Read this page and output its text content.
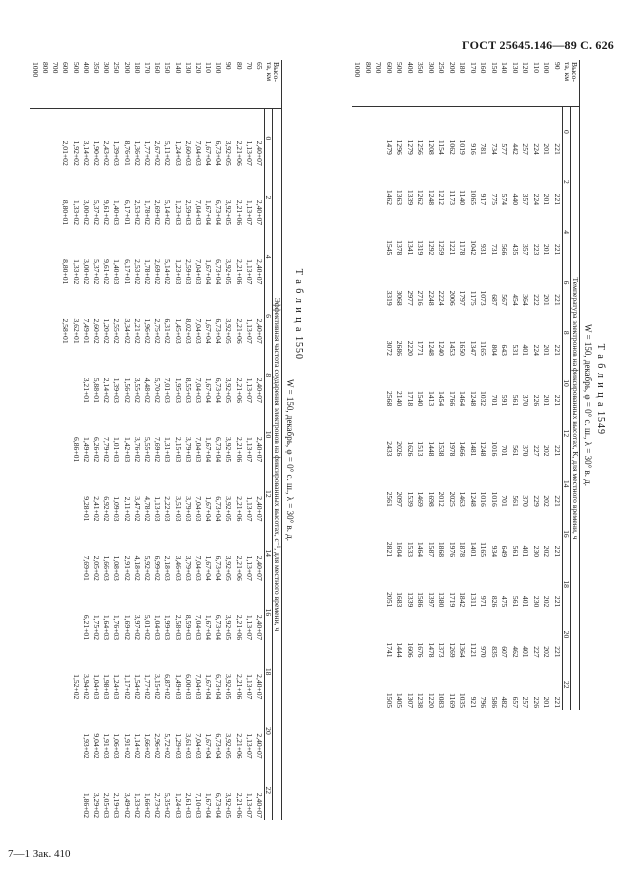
ГОСТ 25645.146—89 С. 626
Т а б л и ц а 1549
W = 150, декабрь, φ = 0° с. ш., λ = 30° в. д.
Высо-
та, км	Температура электронов на фиксированных высотах, К, для местного времени, ч											
	0	2	4	6	8	10	12	14	16	18	20	22
90	221	221	221	221	221	221	221	221	221	221	221	221
100	201	201	201	201	201	201	202	202	202	202	202	201
110	224	224	223	222	224	226	227	229	230	230	227	226
120	257	357	357	364	401	370	370	370	401	401	401	257
130	442	440	435	454	531	561	561	561	561	561	462	657
140	577	574	566	567	643	591	701	701	649	475	607	482
150	734	775	731	687	804	701	1016	1016	934	826	835	586
160	781	917	931	1073	1165	1032	1248	1016	1165	971	970	796
170	916	1065	1042	1175	1347	1248	1481	1248	1401	1311	1121	921
180	1019	1140	1178	1797	1650	1464	1466	1463	1878	1842	1364	1035
200	1062	1173	1221	2006	1453	1766	1978	2025	1976	1719	1269	1169
250	1154	1212	1259	2224	1240	1454	1538	2012	1868	1380	1373	1083
300	1208	1248	1292	2248	1248	1413	1448	1698	1587	1397	1478	1220
350	1256	1262	1319	2716	1771	1540	1513	1469	1464	1586	1676	1238
400	1279	1339	1341	2977	2220	1718	1626	1539	1533	1339	1606	1307
500	1296	1363	1378	3068	2686	2140	2026	2097	1604	1683	1444	1405
600	1479	1462	1545	3319	3072	2568	2433	2561	2821	2051	1741	1505
700												
800												
1000												
Т а б л и ц а 1550
W = 150, декабрь, φ = 0° с. ш., λ = 30° в. д.
Высо-
та, км	Эффективная частота соударения электронов на фиксированных высотах, с⁻¹, для местного времени, ч											
	0	2	4	6	8	10	12	14	16	18	20	22
65	2,40+07	2,40+07	2,40+07	2,40+07	2,40+07	2,40+07	2,40+07	2,40+07	2,40+07	2,40+07	2,40+07	2,40+07
70	1,13+07	1,13+07	1,13+07	1,13+07	1,13+07	1,13+07	1,13+07	1,13+07	1,13+07	1,13+07	1,13+07	1,13+07
80	2,21+06	2,21+06	2,21+06	2,21+06	2,21+06	2,21+06	2,21+06	2,21+06	2,21+06	2,21+06	2,21+06	2,21+06
90	3,92+05	3,92+05	3,92+05	3,92+05	3,92+05	3,92+05	3,92+05	3,92+05	3,92+05	3,92+05	3,92+05	3,92+05
100	6,73+04	6,73+04	6,73+04	6,73+04	6,73+04	6,73+04	6,73+04	6,73+04	6,73+04	6,73+04	6,73+04	6,73+04
110	1,67+04	1,67+04	1,67+04	1,67+04	1,67+04	1,67+04	1,67+04	1,67+04	1,67+04	1,67+04	1,67+04	1,67+04
120	7,04+03	7,04+03	7,04+03	7,04+03	7,04+03	7,04+03	7,04+03	7,04+03	7,04+03	7,04+03	7,04+03	7,10+03
130	2,60+03	2,59+03	2,59+03	8,02+03	8,55+03	3,79+03	3,79+03	3,79+03	8,59+03	6,00+03	3,61+03	2,61+03
140	1,24+03	1,23+03	1,23+03	1,45+03	1,95+03	2,15+03	3,51+03	3,46+03	2,58+03	1,49+03	1,29+03	1,24+03
150	5,11+02	5,14+02	5,14+02	6,31+02	7,01+03	1,31+03	2,22+03	2,18+03	1,99+03	6,87+02	5,72+02	5,35+02
160	2,67+02	2,69+02	2,69+02	2,75+02	5,70+02	7,69+02	1,13+03	6,99+02	1,04+03	3,15+02	2,96+02	2,73+02
170	1,77+02	1,78+02	1,78+02	1,96+02	4,48+02	5,55+02	4,78+02	5,92+02	5,01+02	1,77+02	1,66+02	1,66+02
180	1,36+02	2,53+02	2,53+02	2,21+02	3,55+02	3,76+02	3,47+02	4,18+02	3,97+02	1,54+02	1,14+02	1,33+02
200	8,76+01	6,17+01	6,17+01	3,34+02	1,56+02	1,42+03	2,11+02	2,91+02	1,69+02	1,17+02	1,91+02	3,49+02
250	1,39+03	1,40+03	1,40+03	2,55+02	1,39+03	1,01+03	1,09+03	1,08+03	1,76+03	1,24+03	1,06+03	2,19+03
300	2,43+02	9,61+02	9,61+02	1,20+02	2,14+02	7,79+02	6,92+02	1,66+03	1,64+03	1,98+03	1,91+03	2,05+03
350	1,90+02	5,37+02	5,37+02	2,60+02	5,88+01	6,26+02	2,41+02	2,05+02	1,75+02	1,04+03	9,04+02	3,29+02
400	3,14+02	3,00+02	3,00+02	7,49+01	3,21+01	1,49+02	9,28+01	7,69+01	6,21+01	3,94+02	1,93+02	1,86+02
500	1,92+02	1,33+02	1,33+02	3,62+01		6,86+01				1,52+02		
600	2,01+02	8,80+01	8,80+01	2,58+01								
700												
800												
1000												
7—1 Зак. 410
